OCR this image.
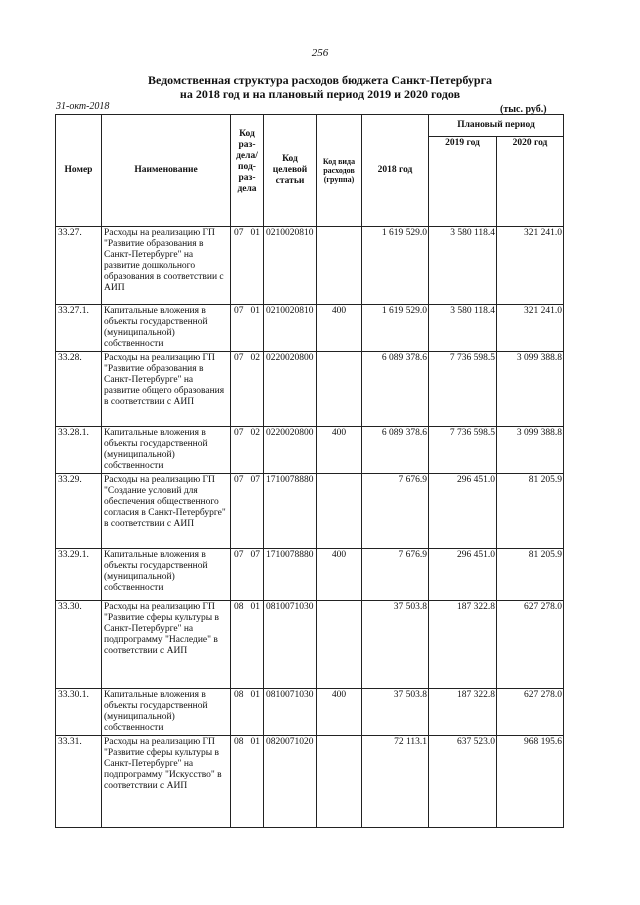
256
Ведомственная структура расходов бюджета Санкт-Петербурга
на 2018 год и на плановый период 2019 и 2020 годов
31-окт-2018	(тыс. руб.)
Номер	Наименование	Код раз- дела/ под- раз- дела	Код целевой статьи	Код вида расходов (группа)	2018 год	Плановый период	
						2019 год	2020 год
33.27.	Расходы на реализацию ГП "Развитие образования в Санкт-Петербурге" на развитие дошкольного образования в соответствии с АИП	07 01	0210020810		1 619 529.0	3 580 118.4	321 241.0
33.27.1.	Капитальные вложения в объекты государственной (муниципальной) собственности	07 01	0210020810	400	1 619 529.0	3 580 118.4	321 241.0
33.28.	Расходы на реализацию ГП "Развитие образования в Санкт-Петербурге" на развитие общего образования в соответствии с АИП	07 02	0220020800		6 089 378.6	7 736 598.5	3 099 388.8
33.28.1.	Капитальные вложения в объекты государственной (муниципальной) собственности	07 02	0220020800	400	6 089 378.6	7 736 598.5	3 099 388.8
33.29.	Расходы на реализацию ГП "Создание условий для обеспечения общественного согласия в Санкт-Петербурге" в соответствии с АИП	07 07	1710078880		7 676.9	296 451.0	81 205.9
33.29.1.	Капитальные вложения в объекты государственной (муниципальной) собственности	07 07	1710078880	400	7 676.9	296 451.0	81 205.9
33.30.	Расходы на реализацию ГП "Развитие сферы культуры в Санкт-Петербурге" на подпрограмму "Наследие" в соответствии с АИП	08 01	0810071030		37 503.8	187 322.8	627 278.0
33.30.1.	Капитальные вложения в объекты государственной (муниципальной) собственности	08 01	0810071030	400	37 503.8	187 322.8	627 278.0
33.31.	Расходы на реализацию ГП "Развитие сферы культуры в Санкт-Петербурге" на подпрограмму "Искусство" в соответствии с АИП	08 01	0820071020		72 113.1	637 523.0	968 195.6
